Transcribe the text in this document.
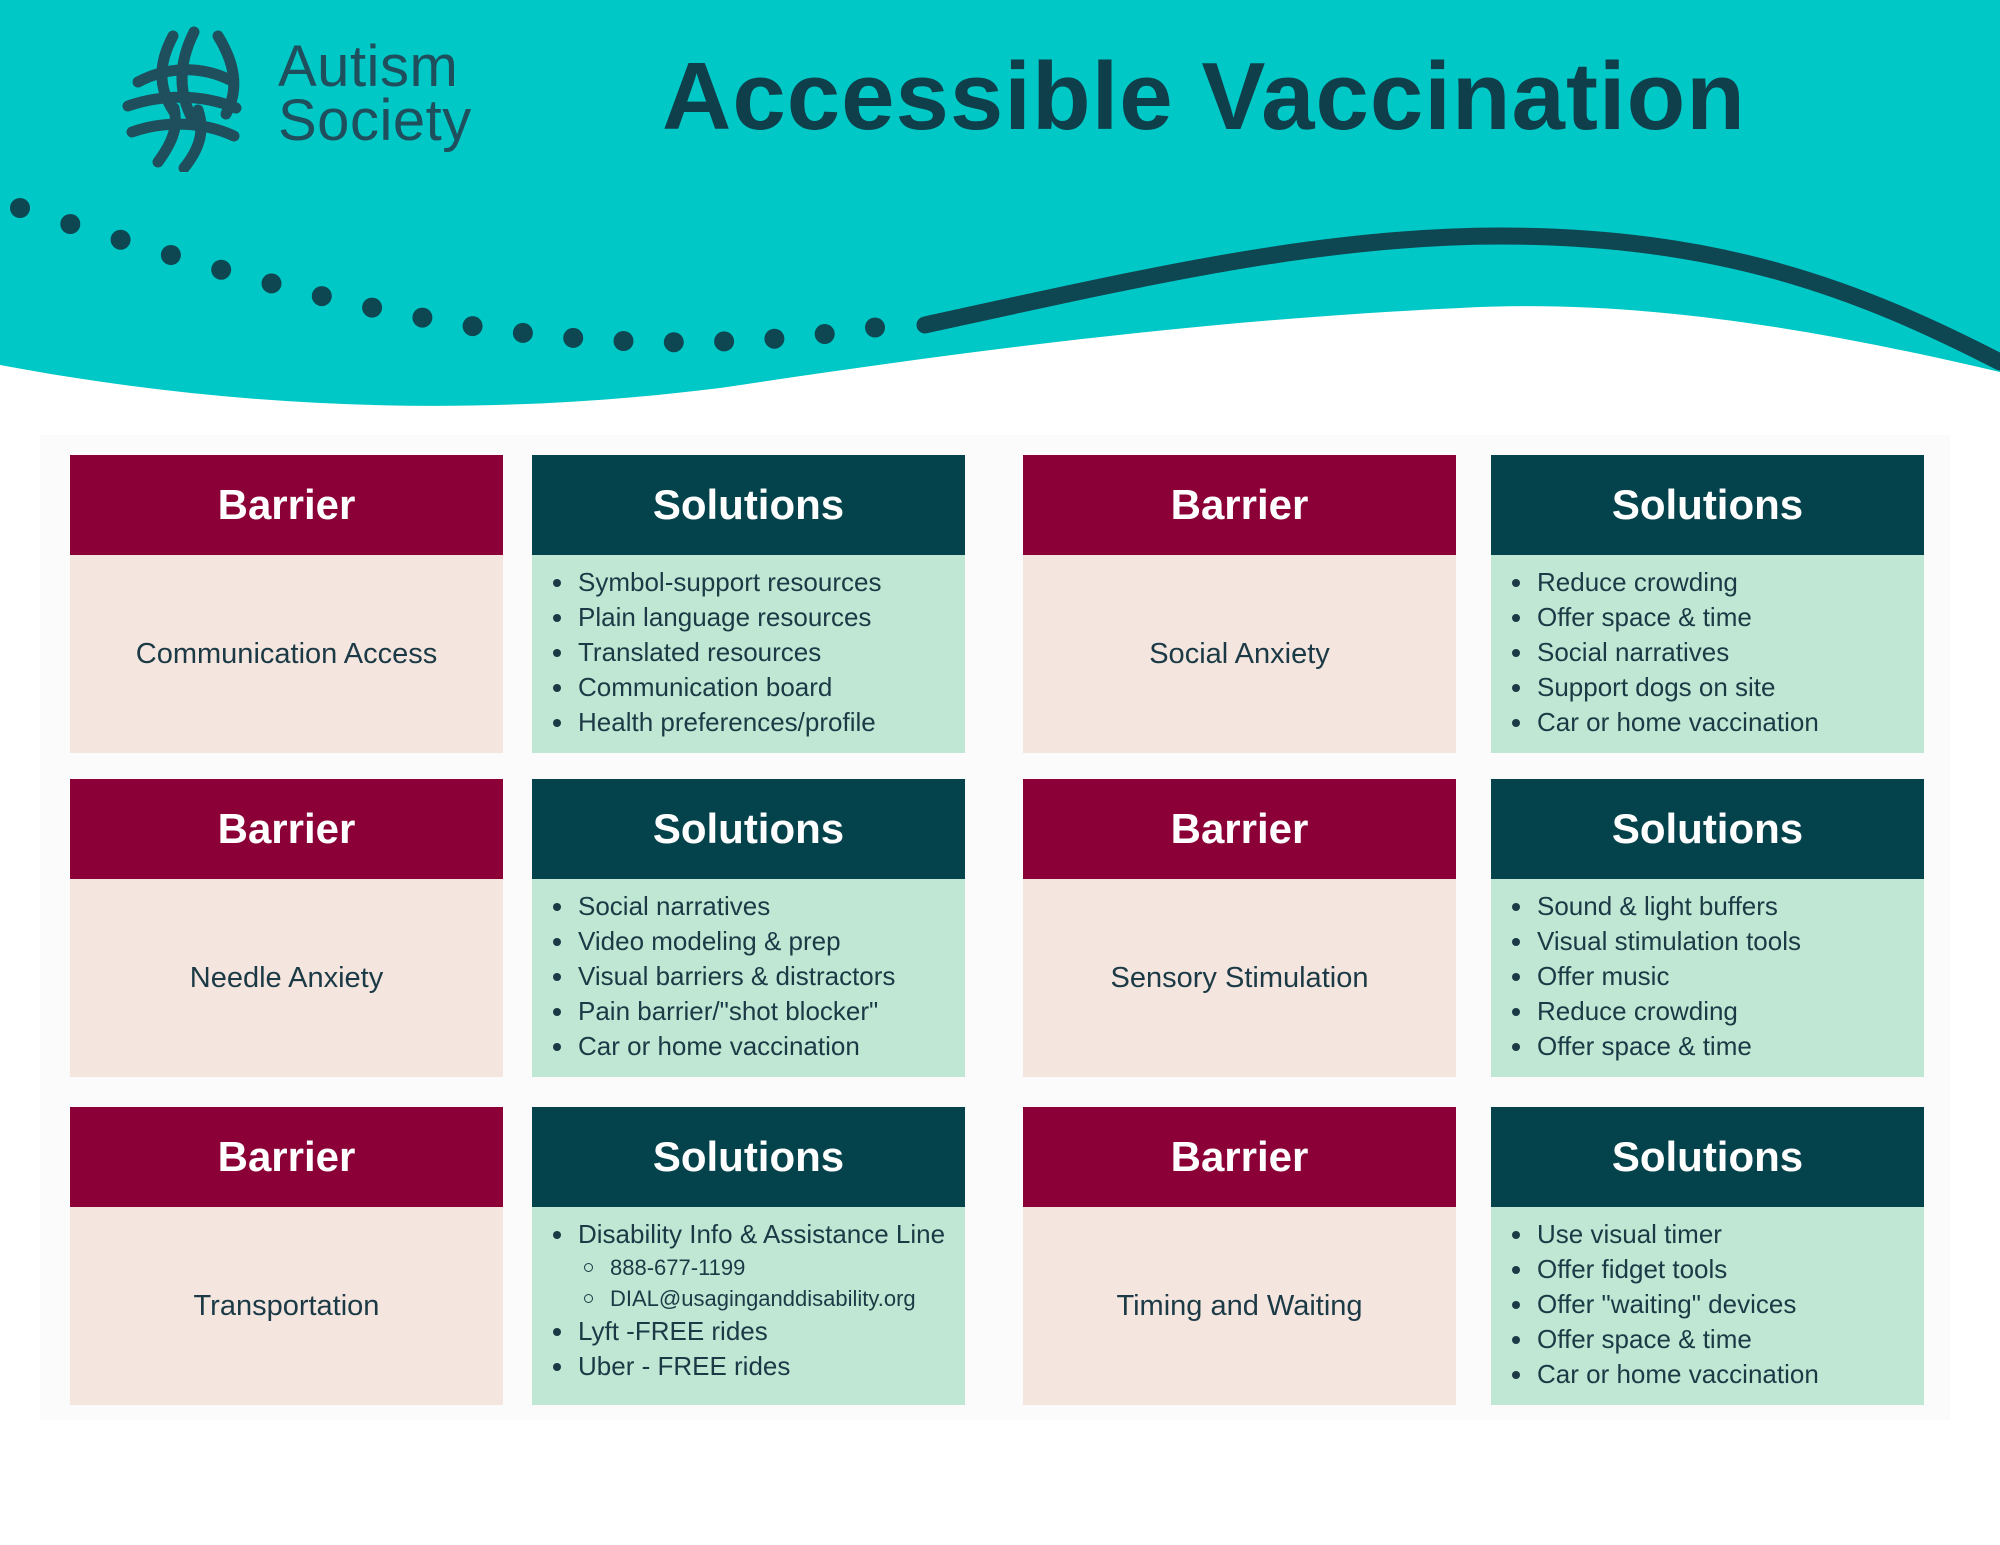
Autism
Society Accessible Vaccination
Barrier
Communication Access
Solutions
Symbol-support resources
Plain language resources
Translated resources
Communication board
Health preferences/profile
Barrier
Social Anxiety
Solutions
Reduce crowding
Offer space & time
Social narratives
Support dogs on site
Car or home vaccination
Barrier
Needle Anxiety
Solutions
Social narratives
Video modeling & prep
Visual barriers & distractors
Pain barrier/"shot blocker"
Car or home vaccination
Barrier
Sensory Stimulation
Solutions
Sound & light buffers
Visual stimulation tools
Offer music
Reduce crowding
Offer space & time
Barrier
Transportation
Solutions
Disability Info & Assistance Line
888-677-1199
DIAL@usaginganddisability.org
Lyft -FREE rides
Uber - FREE rides
Barrier
Timing and Waiting
Solutions
Use visual timer
Offer fidget tools
Offer "waiting" devices
Offer space & time
Car or home vaccination
